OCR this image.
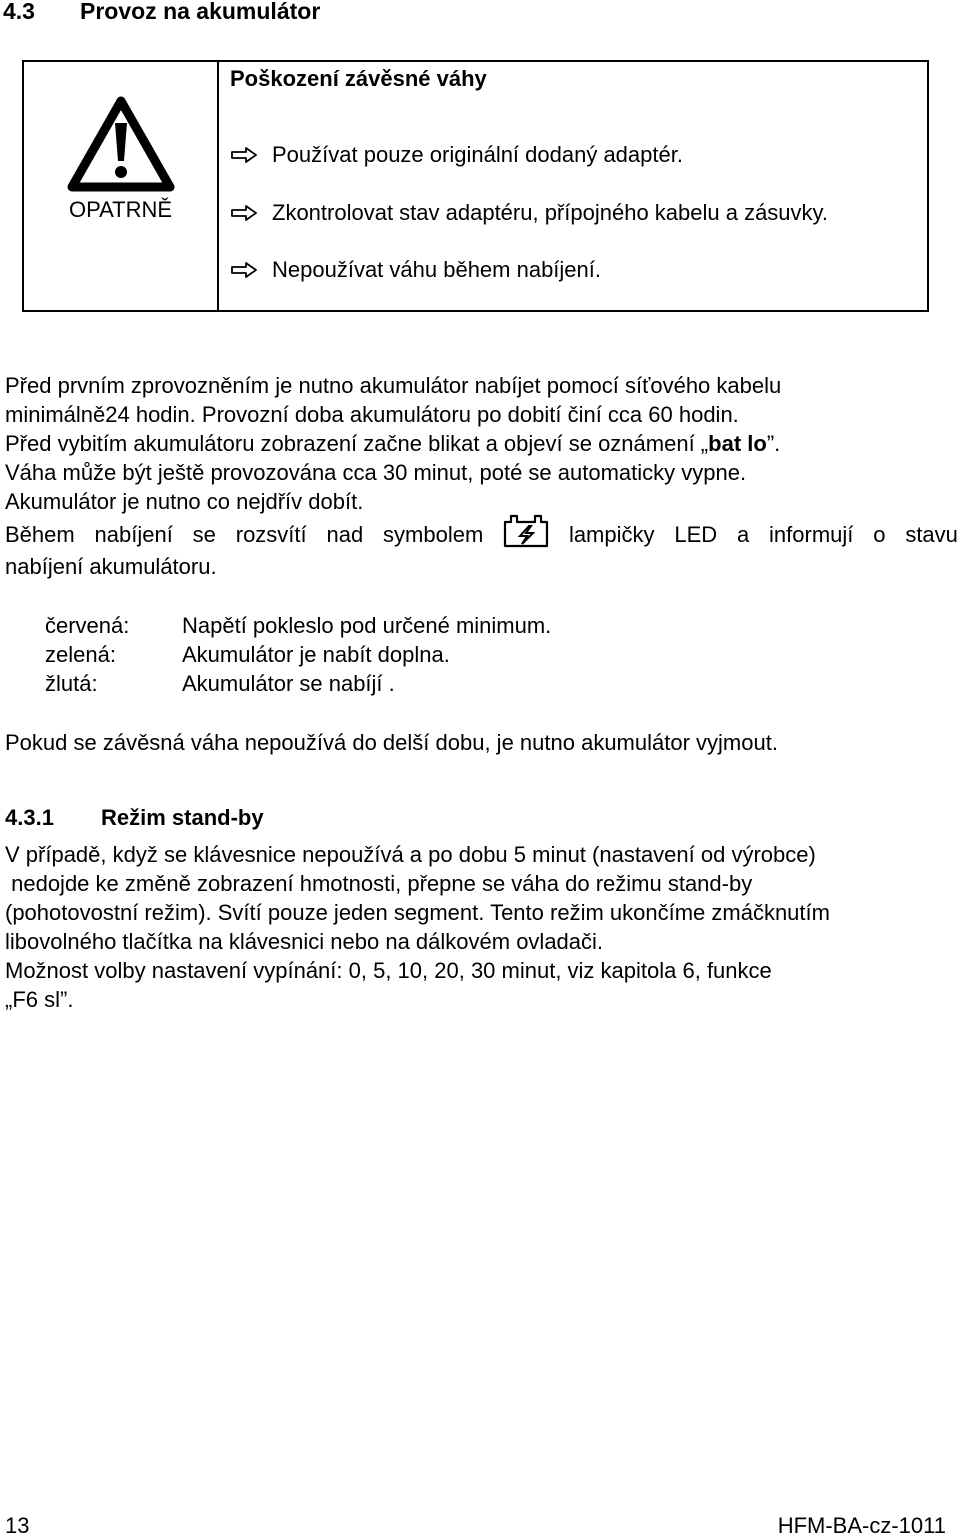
4.3 Provoz na akumulátor
OPATRNĚ
Poškození závěsné váhy
Používat pouze originální dodaný adaptér.
Zkontrolovat stav adaptéru, přípojného kabelu a zásuvky.
Nepoužívat váhu během nabíjení.
Před prvním zprovozněním je nutno akumulátor nabíjet pomocí síťového kabelu
minimálně24 hodin. Provozní doba akumulátoru po dobití činí cca 60 hodin.
Před vybitím akumulátoru zobrazení začne blikat a objeví se oznámení „bat lo”.
Váha může být ještě provozována cca 30 minut, poté se automaticky vypne.
Akumulátor je nutno co nejdřív dobít.
Během nabíjení se rozsvítí nad symbolem	lampičky LED a informují o stavu
nabíjení akumulátoru.
červená: Napětí pokleslo pod určené minimum.
zelená:	Akumulátor je nabít doplna.
žlutá:	Akumulátor se nabíjí .
Pokud se závěsná váha nepoužívá do delší dobu, je nutno akumulátor vyjmout.
4.3.1 Režim stand-by
V případě, když se klávesnice nepoužívá a po dobu 5 minut (nastavení od výrobce)
nedojde ke změně zobrazení hmotnosti, přepne se váha do režimu stand-by
(pohotovostní režim). Svítí pouze jeden segment. Tento režim ukončíme zmáčknutím
libovolného tlačítka na klávesnici nebo na dálkovém ovladači.
Možnost volby nastavení vypínání: 0, 5, 10, 20, 30 minut, viz kapitola 6, funkce
„F6 sl”.
13	HFM-BA-cz-1011
